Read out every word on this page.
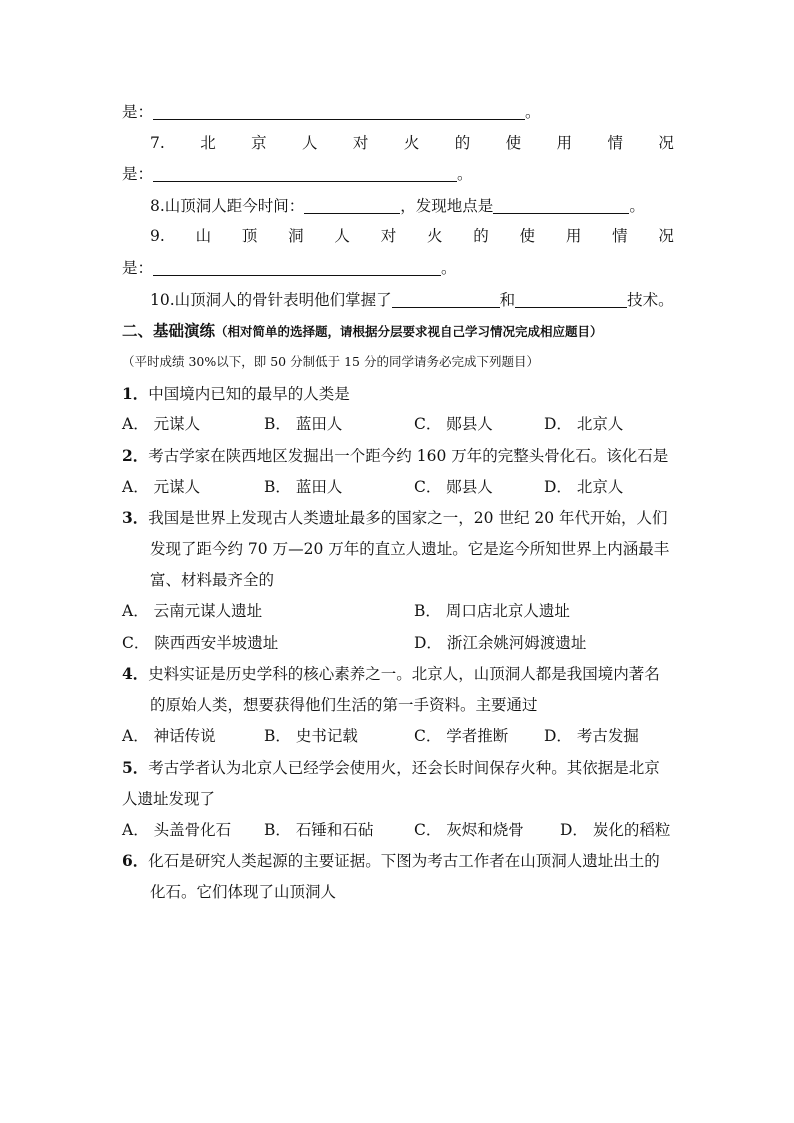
是：	。
7. 北 京 人 对 火 的 使 用 情 况
是：	。
8.山顶洞人距今时间：	，发现地点是	。
9. 山 顶 洞 人 对 火 的 使 用 情 况
是：	。
10.山顶洞人的骨针表明他们掌握了	和	技术。
二、基础演练（相对简单的选择题，请根据分层要求视自己学习情况完成相应题目）
（平时成绩 30%以下，即 50 分制低于 15 分的同学请务必完成下列题目）
1．中国境内已知的最早的人类是
A． 元谋人	B． 蓝田人	C． 郧县人	D． 北京人
2．考古学家在陕西地区发掘出一个距今约 160 万年的完整头骨化石。该化石是
A． 元谋人	B． 蓝田人	C． 郧县人	D． 北京人
3．我国是世界上发现古人类遗址最多的国家之一，20 世纪 20 年代开始，人们
发现了距今约 70 万—20 万年的直立人遗址。它是迄今所知世界上内涵最丰
富、材料最齐全的
A． 云南元谋人遗址	B． 周口店北京人遗址
C． 陕西西安半坡遗址	D． 浙江余姚河姆渡遗址
4．史料实证是历史学科的核心素养之一。北京人，山顶洞人都是我国境内著名
的原始人类，想要获得他们生活的第一手资料。主要通过
A． 神话传说	B． 史书记载	C． 学者推断 D． 考古发掘
5．考古学者认为北京人已经学会使用火，还会长时间保存火种。其依据是北京
人遗址发现了
A． 头盖骨化石 B． 石锤和石砧	C． 灰烬和烧骨 D． 炭化的稻粒
6．化石是研究人类起源的主要证据。下图为考古工作者在山顶洞人遗址出土的
化石。它们体现了山顶洞人
